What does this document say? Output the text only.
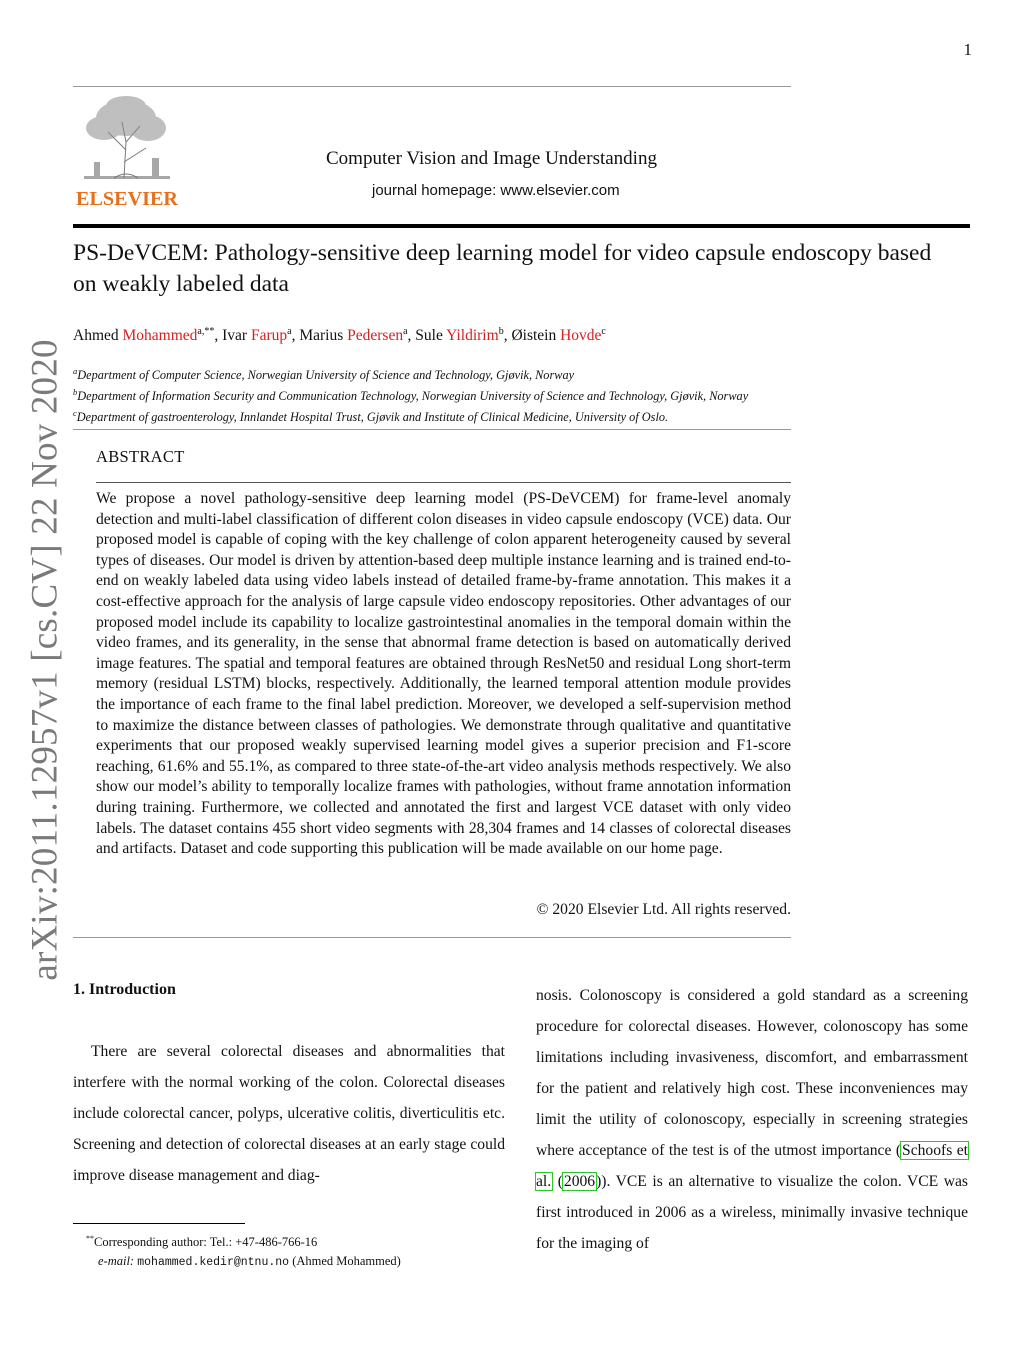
1
ELSEVIER
Computer Vision and Image Understanding
journal homepage: www.elsevier.com
PS-DeVCEM: Pathology-sensitive deep learning model for video capsule endoscopy based on weakly labeled data
Ahmed Mohammed$^{a,**}$, Ivar Farup$^a$, Marius Pedersen$^a$, Sule Yildirim$^b$, Øistein Hovde$^c$
$^a$Department of Computer Science, Norwegian University of Science and Technology, Gjøvik, Norway
$^b$Department of Information Security and Communication Technology, Norwegian University of Science and Technology, Gjøvik, Norway
$^c$Department of gastroenterology, Innlandet Hospital Trust, Gjøvik and Institute of Clinical Medicine, University of Oslo.
ABSTRACT
We propose a novel pathology-sensitive deep learning model (PS-DeVCEM) for frame-level anomaly detection and multi-label classification of different colon diseases in video capsule endoscopy (VCE) data. Our proposed model is capable of coping with the key challenge of colon apparent heterogeneity caused by several types of diseases. Our model is driven by attention-based deep multiple instance learning and is trained end-to-end on weakly labeled data using video labels instead of detailed frame-by-frame annotation. This makes it a cost-effective approach for the analysis of large capsule video endoscopy repositories. Other advantages of our proposed model include its capability to localize gastrointestinal anomalies in the temporal domain within the video frames, and its generality, in the sense that abnormal frame detection is based on automatically derived image features. The spatial and temporal features are obtained through ResNet50 and residual Long short-term memory (residual LSTM) blocks, respectively. Additionally, the learned temporal attention module provides the importance of each frame to the final label prediction. Moreover, we developed a self-supervision method to maximize the distance between classes of pathologies. We demonstrate through qualitative and quantitative experiments that our proposed weakly supervised learning model gives a superior precision and F1-score reaching, 61.6% and 55.1%, as compared to three state-of-the-art video analysis methods respectively. We also show our model’s ability to temporally localize frames with pathologies, without frame annotation information during training. Furthermore, we collected and annotated the first and largest VCE dataset with only video labels. The dataset contains 455 short video segments with 28,304 frames and 14 classes of colorectal diseases and artifacts. Dataset and code supporting this publication will be made available on our home page.
© 2020 Elsevier Ltd. All rights reserved.
arXiv:2011.12957v1 [cs.CV] 22 Nov 2020
1. Introduction
There are several colorectal diseases and abnormalities that interfere with the normal working of the colon. Colorectal diseases include colorectal cancer, polyps, ulcerative colitis, diverticulitis etc. Screening and detection of colorectal diseases at an early stage could improve disease management and diag-
nosis. Colonoscopy is considered a gold standard as a screening procedure for colorectal diseases. However, colonoscopy has some limitations including invasiveness, discomfort, and embarrassment for the patient and relatively high cost. These inconveniences may limit the utility of colonoscopy, especially in screening strategies where acceptance of the test is of the utmost importance (Schoofs et al. (2006)). VCE is an alternative to visualize the colon. VCE was first introduced in 2006 as a wireless, minimally invasive technique for the imaging of
**Corresponding author: Tel.: +47-486-766-16
e-mail: mohammed.kedir@ntnu.no (Ahmed Mohammed)
